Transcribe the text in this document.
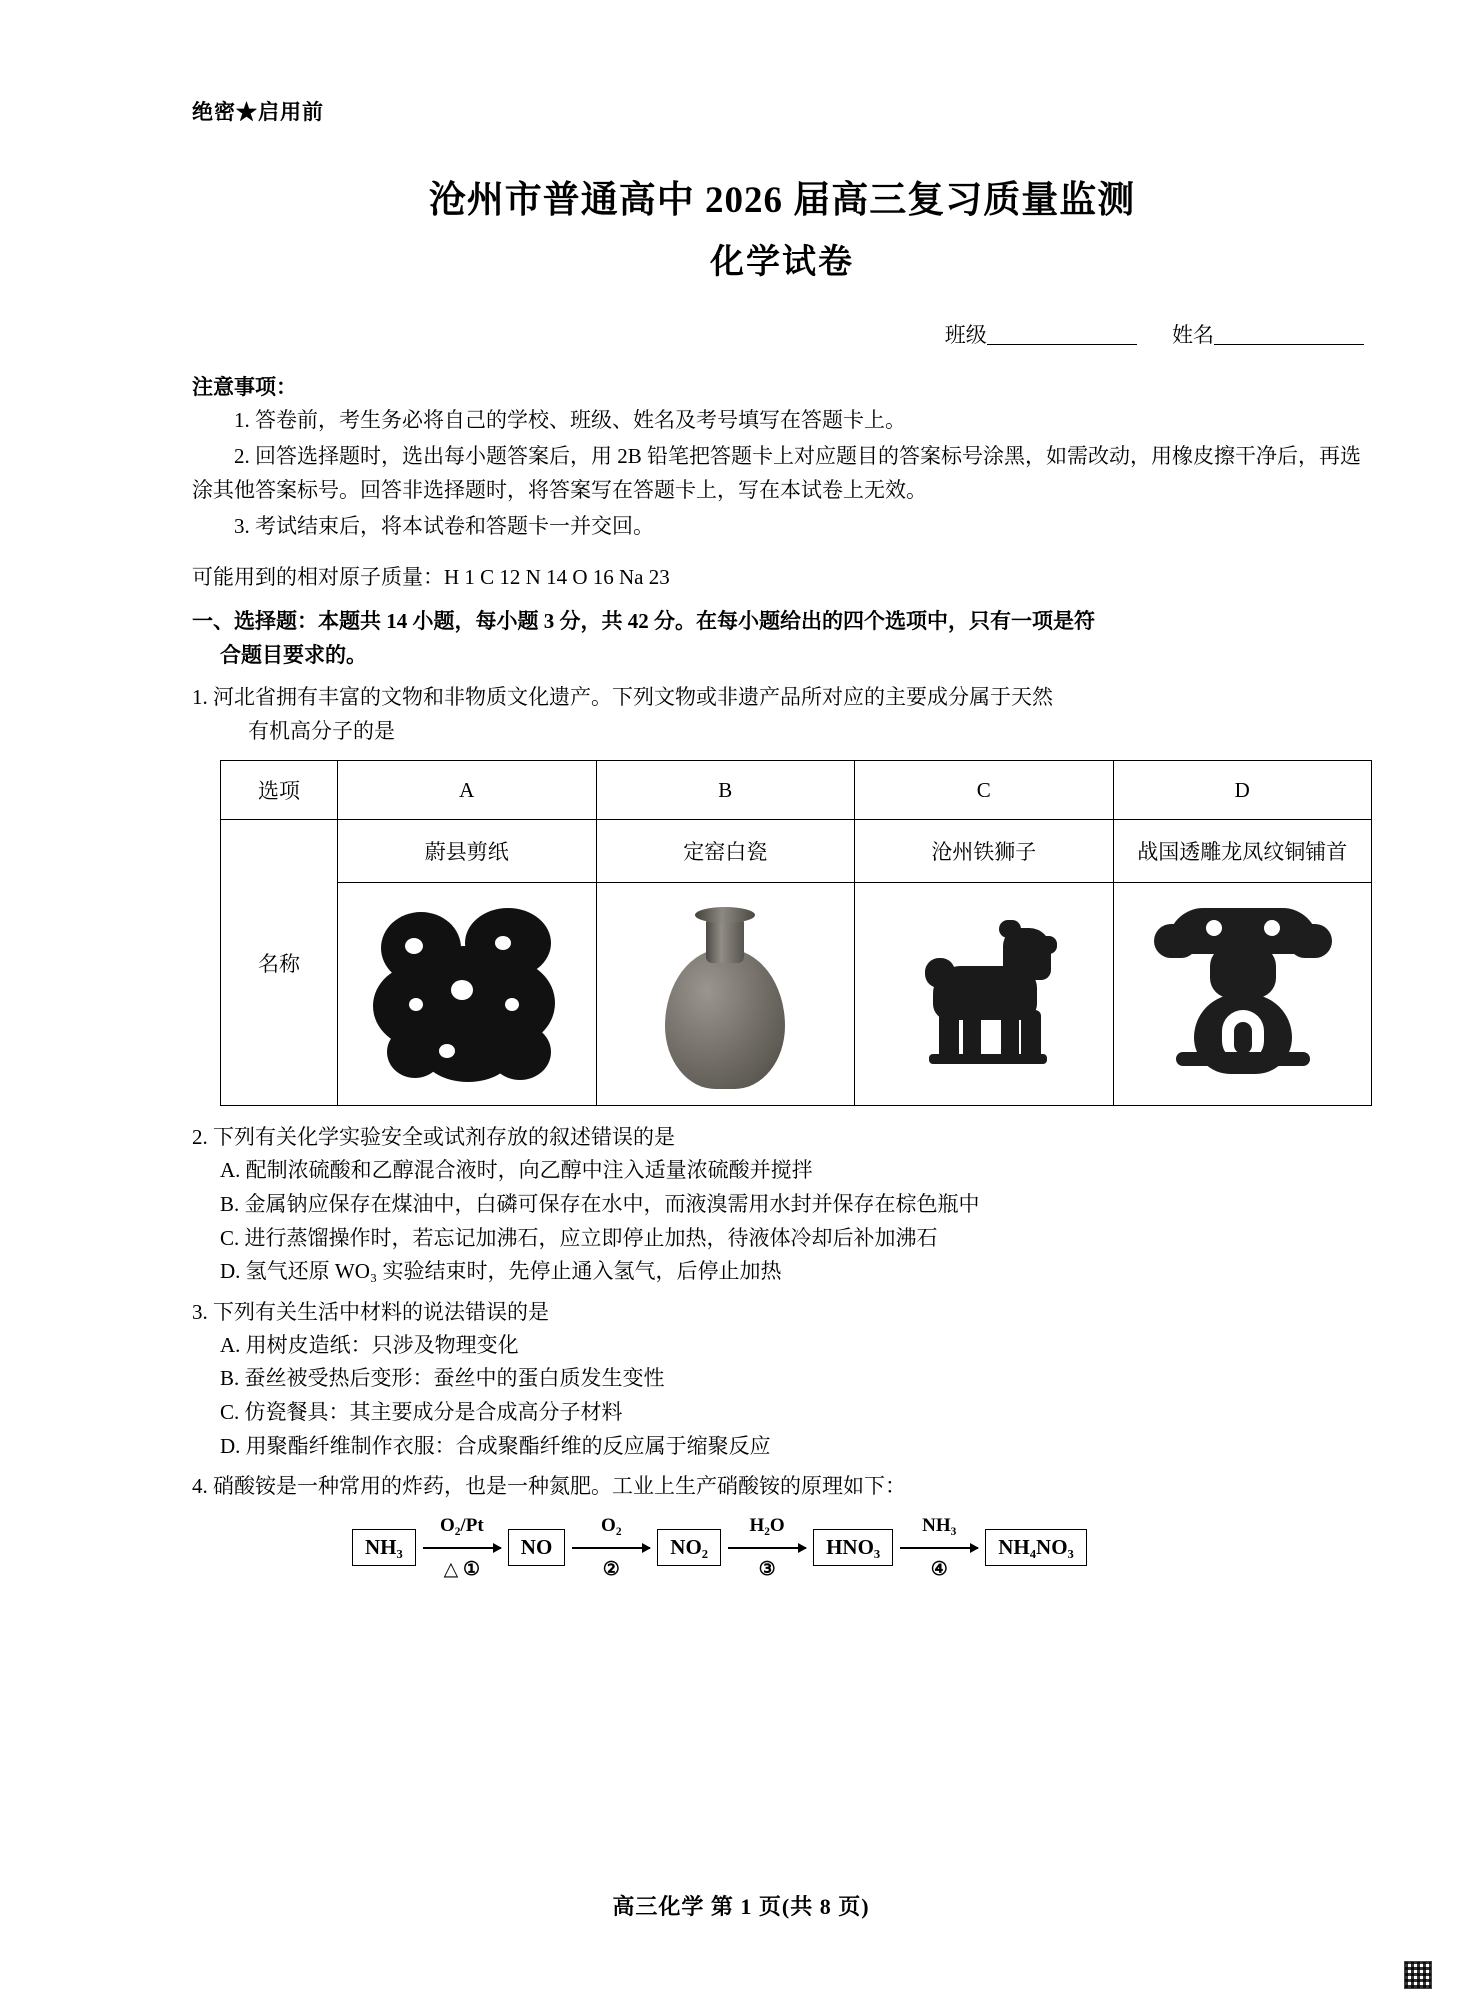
绝密★启用前
沧州市普通高中 2026 届高三复习质量监测
化学试卷
班级	姓名
注意事项：
1. 答卷前，考生务必将自己的学校、班级、姓名及考号填写在答题卡上。
2. 回答选择题时，选出每小题答案后，用 2B 铅笔把答题卡上对应题目的答案标号涂黑，如需改动，用橡皮擦干净后，再选涂其他答案标号。回答非选择题时，将答案写在答题卡上，写在本试卷上无效。
3. 考试结束后，将本试卷和答题卡一并交回。
可能用到的相对原子质量：H 1 C 12 N 14 O 16 Na 23
一、选择题：本题共 14 小题，每小题 3 分，共 42 分。在每小题给出的四个选项中，只有一项是符
合题目要求的。
1. 河北省拥有丰富的文物和非物质文化遗产。下列文物或非遗产品所对应的主要成分属于天然
有机高分子的是
选项	A	B	C	D
名称	蔚县剪纸	定窑白瓷	沧州铁狮子	战国透雕龙凤纹铜铺首

2. 下列有关化学实验安全或试剂存放的叙述错误的是
A. 配制浓硫酸和乙醇混合液时，向乙醇中注入适量浓硫酸并搅拌
B. 金属钠应保存在煤油中，白磷可保存在水中，而液溴需用水封并保存在棕色瓶中
C. 进行蒸馏操作时，若忘记加沸石，应立即停止加热，待液体冷却后补加沸石
D. 氢气还原 WO₃ 实验结束时，先停止通入氢气，后停止加热
3. 下列有关生活中材料的说法错误的是
A. 用树皮造纸：只涉及物理变化
B. 蚕丝被受热后变形：蚕丝中的蛋白质发生变性
C. 仿瓷餐具：其主要成分是合成高分子材料
D. 用聚酯纤维制作衣服：合成聚酯纤维的反应属于缩聚反应
4. 硝酸铵是一种常用的炸药，也是一种氮肥。工业上生产硝酸铵的原理如下：
NH₃
O₂/Pt
△ ①
NO
O₂
②
NO₂
H₂O
③
HNO₃
NH₃
④
NH₄NO₃
高三化学 第 1 页(共 8 页)
